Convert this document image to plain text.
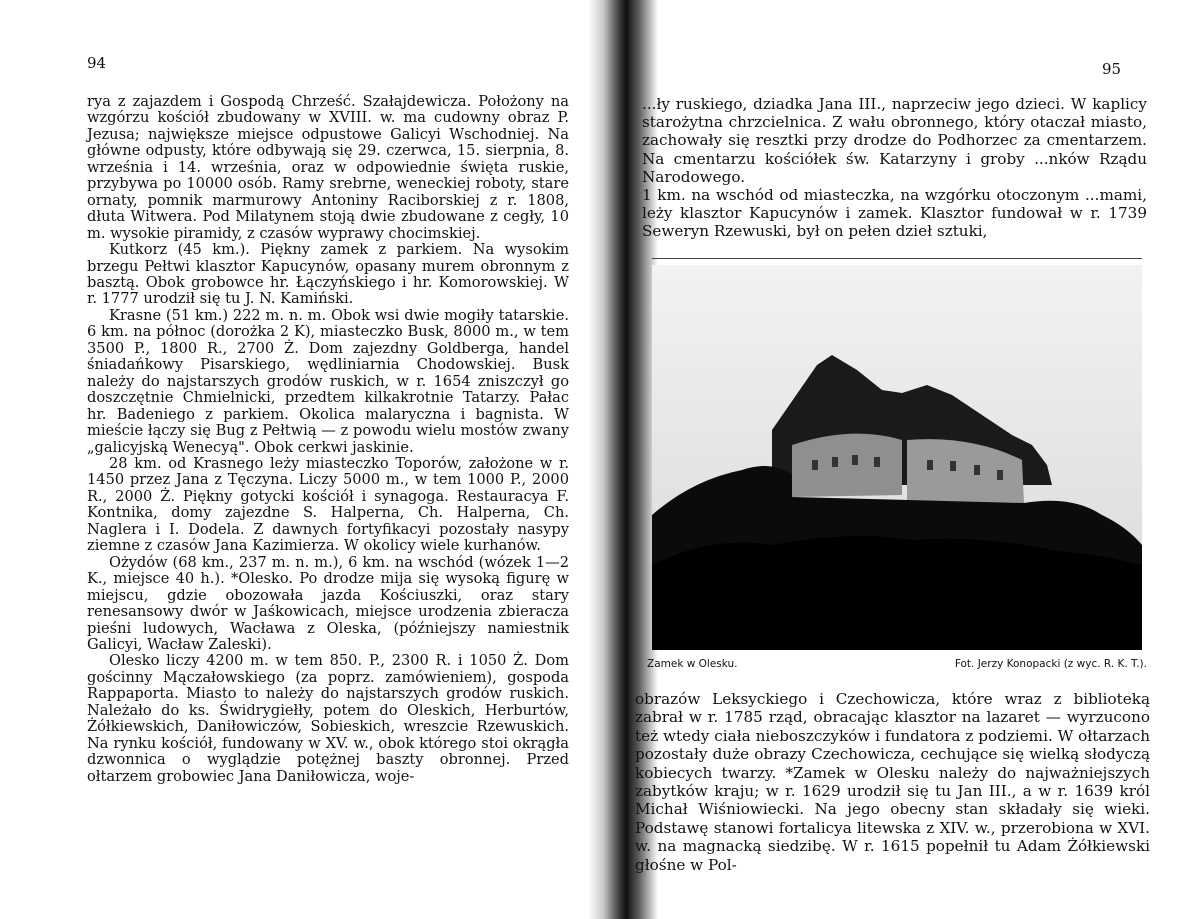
94

rya z zajazdem i Gospodą Chrześć. Szałajdewicza. Położony na wzgórzu kościół zbudowany w XVIII. w. ma cudowny obraz P. Jezusa; największe miejsce odpustowe Galicyi Wschodniej. Na główne odpusty, które odbywają się 29. czerwca, 15. sierpnia, 8. września i 14. września, oraz w odpowiednie święta ruskie, przybywa po 10000 osób. Ramy srebrne, weneckiej roboty, stare ornaty, pomnik marmurowy Antoniny Raciborskiej z r. 1808, dłuta Witwera. Pod Milatynem stoją dwie zbudowane z cegły, 10 m. wysokie piramidy, z czasów wyprawy chocimskiej.

Kutkorz (45 km.). Piękny zamek z parkiem. Na wysokim brzegu Pełtwi klasztor Kapucynów, opasany murem obronnym z basztą. Obok grobowce hr. Łączyńskiego i hr. Komorowskiej. W r. 1777 urodził się tu J. N. Kamiński.

Krasne (51 km.) 222 m. n. m. Obok wsi dwie mogiły tatarskie. 6 km. na północ (dorożka 2 K), miasteczko Busk, 8000 m., w tem 3500 P., 1800 R., 2700 Ż. Dom zajezdny Goldberga, handel śniadańkowy Pisarskiego, wędliniarnia Chodowskiej. Busk należy do najstarszych grodów ruskich, w r. 1654 zniszczył go doszczętnie Chmielnicki, przedtem kilkakrotnie Tatarzy. Pałac hr. Badeniego z parkiem. Okolica malaryczna i bagnista. W mieście łączy się Bug z Pełtwią — z powodu wielu mostów zwany „galicyjską Wenecyą". Obok cerkwi jaskinie.

28 km. od Krasnego leży miasteczko Toporów, założone w r. 1450 przez Jana z Tęczyna. Liczy 5000 m., w tem 1000 P., 2000 R., 2000 Ż. Piękny gotycki kościół i synagoga. Restauracya F. Kontnika, domy zajezdne S. Halperna, Ch. Halperna, Ch. Naglera i I. Dodela. Z dawnych fortyfikacyi pozostały nasypy ziemne z czasów Jana Kazimierza. W okolicy wiele kurhanów.

Ożydów (68 km., 237 m. n. m.), 6 km. na wschód (wózek 1—2 K., miejsce 40 h.). *Olesko. Po drodze mija się wysoką figurę w miejscu, gdzie obozowała jazda Kościuszki, oraz stary renesansowy dwór w Jaśkowicach, miejsce urodzenia zbieracza pieśni ludowych, Wacława z Oleska, (późniejszy namiestnik Galicyi, Wacław Zaleski).

Olesko liczy 4200 m. w tem 850. P., 2300 R. i 1050 Ż. Dom gościnny Mączałowskiego (za poprz. zamówieniem), gospoda Rappaporta. Miasto to należy do najstarszych grodów ruskich. Należało do ks. Świdrygiełły, potem do Oleskich, Herburtów, Żółkiewskich, Daniłowiczów, Sobieskich, wreszcie Rzewuskich. Na rynku kościół, fundowany w XV. w., obok którego stoi okrągła dzwonnica o wyglądzie potężnej baszty obronnej. Przed ołtarzem grobowiec Jana Daniłowicza, woje-

95

...ły ruskiego, dziadka Jana III., naprzeciw jego dzieci. W kaplicy starożytna chrzcielnica. Z wału obronnego, który otaczał miasto, zachowały się resztki przy drodze do Podhorzec za cmentarzem. Na cmentarzu kościółek św. Katarzyny i groby ...nków Rządu Narodowego.

1 km. na wschód od miasteczka, na wzgórku otoczonym ...mami, leży klasztor Kapucynów i zamek. Klasztor fundował w r. 1739 Seweryn Rzewuski, był on pełen dzieł sztuki,

Zamek w Olesku.	Fot. Jerzy Konopacki (z wyc. R. K. T.).

obrazów Leksyckiego i Czechowicza, które wraz z biblioteką zabrał w r. 1785 rząd, obracając klasztor na lazaret — wyrzucono też wtedy ciała nieboszczyków i fundatora z podziemi. W ołtarzach pozostały duże obrazy Czechowicza, cechujące się wielką słodyczą kobiecych twarzy. *Zamek w Olesku należy do najważniejszych zabytków kraju; w r. 1629 urodził się tu Jan III., a w r. 1639 król Michał Wiśniowiecki. Na jego obecny stan składały się wieki. Podstawę stanowi fortalicya litewska z XIV. w., przerobiona w XVI. w. na magnacką siedzibę. W r. 1615 popełnił tu Adam Żółkiewski głośne w Pol-
